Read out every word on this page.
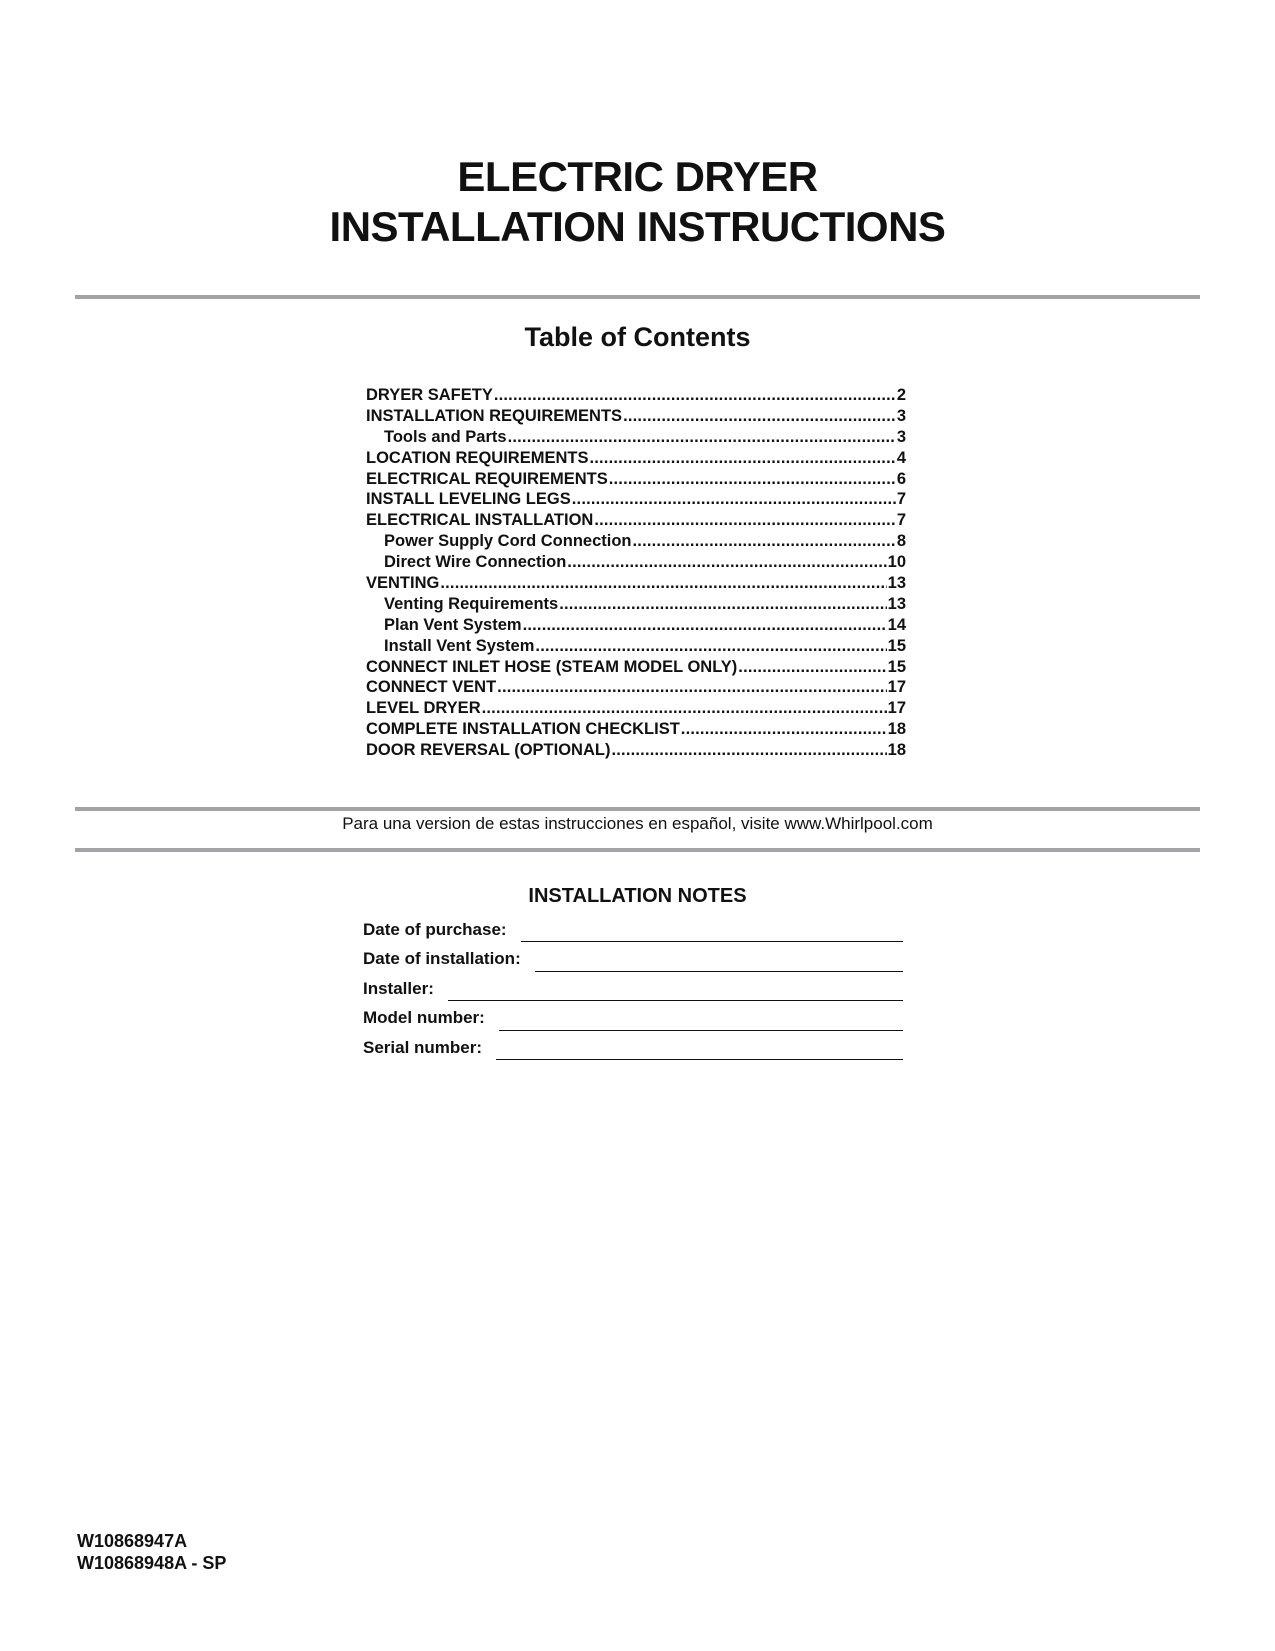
ELECTRIC DRYER
INSTALLATION INSTRUCTIONS
Table of Contents
DRYER SAFETY .....	2
INSTALLATION REQUIREMENTS .....	3
Tools and Parts .....	3
LOCATION REQUIREMENTS .....	4
ELECTRICAL REQUIREMENTS .....	6
INSTALL LEVELING LEGS .....	7
ELECTRICAL INSTALLATION .....	7
Power Supply Cord Connection .....	8
Direct Wire Connection .....	10
VENTING .....	13
Venting Requirements .....	13
Plan Vent System .....	14
Install Vent System .....	15
CONNECT INLET HOSE (STEAM MODEL ONLY) .....	15
CONNECT VENT .....	17
LEVEL DRYER .....	17
COMPLETE INSTALLATION CHECKLIST .....	18
DOOR REVERSAL (OPTIONAL) .....	18
Para una version de estas instrucciones en español, visite www.Whirlpool.com
INSTALLATION NOTES
Date of purchase:
Date of installation:
Installer:
Model number:
Serial number:
W10868947A
W10868948A - SP
